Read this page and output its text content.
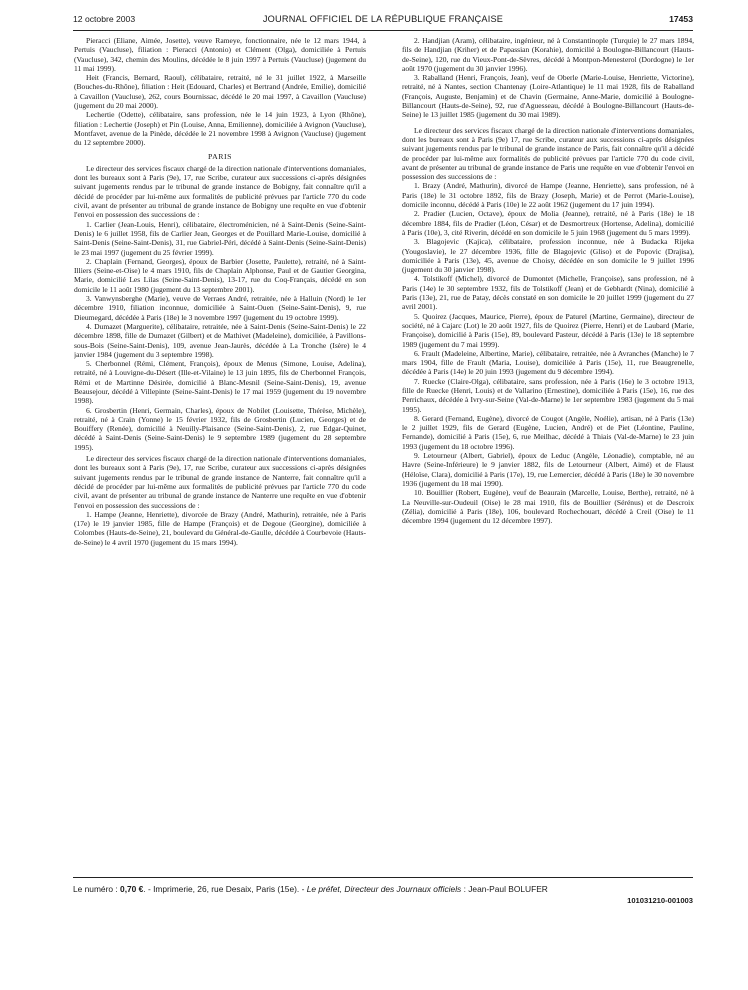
12 octobre 2003	JOURNAL OFFICIEL DE LA RÉPUBLIQUE FRANÇAISE	17453

Pieracci (Eliane, Aimée, Josette), veuve Rameye, fonctionnaire, née le 12 mars 1944, à Pertuis (Vaucluse), filiation : Pieracci (Antonio) et Clément (Olga), domiciliée à Pertuis (Vaucluse), 342, chemin des Moulins, décédée le 8 juin 1997 à Pertuis (Vaucluse) (jugement du 11 mai 1999).

Heit (Francis, Bernard, Raoul), célibataire, retraité, né le 31 juillet 1922, à Marseille (Bouches-du-Rhône), filiation : Heit (Edouard, Charles) et Bertrand (Andrée, Emilie), domicilié à Cavaillon (Vaucluse), 262, cours Bournissac, décédé le 20 mai 1997, à Cavaillon (Vaucluse) (jugement du 20 mai 2000).

Lechertie (Odette), célibataire, sans profession, née le 14 juin 1923, à Lyon (Rhône), filiation : Lechertie (Joseph) et Pin (Louise, Anna, Emilienne), domiciliée à Avignon (Vaucluse), Montfavet, avenue de la Pinède, décédée le 21 novembre 1998 à Avignon (Vaucluse) (jugement du 12 septembre 2000).

PARIS

Le directeur des services fiscaux chargé de la direction nationale d'interventions domaniales, dont les bureaux sont à Paris (9e), 17, rue Scribe, curateur aux successions ci-après désignées suivant jugements rendus par le tribunal de grande instance de Bobigny, fait connaître qu'il a décidé de procéder par lui-même aux formalités de publicité prévues par l'article 770 du code civil, avant de présenter au tribunal de grande instance de Bobigny une requête en vue d'obtenir l'envoi en possession des successions de :

1. Carlier (Jean-Louis, Henri), célibataire, électroménicien, né à Saint-Denis (Seine-Saint-Denis) le 6 juillet 1958, fils de Carlier Jean, Georges et de Pouillard Marie-Louise, domicilié à Saint-Denis (Seine-Saint-Denis), 31, rue Gabriel-Péri, décédé à Saint-Denis (Seine-Saint-Denis) le 23 mai 1997 (jugement du 25 février 1999).

2. Chaplain (Fernand, Georges), époux de Barbier (Josette, Paulette), retraité, né à Saint-Illiers (Seine-et-Oise) le 4 mars 1910, fils de Chaplain Alphonse, Paul et de Gautier Georgina, Marie, domicilié Les Lilas (Seine-Saint-Denis), 13-17, rue du Coq-Français, décédé en son domicile le 11 août 1980 (jugement du 13 septembre 2001).

3. Vanwynsberghe (Marie), veuve de Verraes André, retraitée, née à Halluin (Nord) le 1er décembre 1910, filiation inconnue, domiciliée à Saint-Ouen (Seine-Saint-Denis), 9, rue Dieumegard, décédée à Paris (18e) le 3 novembre 1997 (jugement du 19 octobre 1999).

4. Dumazet (Marguerite), célibataire, retraitée, née à Saint-Denis (Seine-Saint-Denis) le 22 décembre 1898, fille de Dumazet (Gilbert) et de Mathivet (Madeleine), domiciliée, à Pavillons-sous-Bois (Seine-Saint-Denis), 109, avenue Jean-Jaurès, décédée à La Tronche (Isère) le 4 janvier 1984 (jugement du 3 septembre 1998).

5. Cherbonnel (Rémi, Clément, François), époux de Menus (Simone, Louise, Adelina), retraité, né à Louvigne-du-Désert (Ille-et-Vilaine) le 13 juin 1895, fils de Cherbonnel François, Rémi et de Martinne Désirée, domicilié à Blanc-Mesnil (Seine-Saint-Denis), 19, avenue Beausejour, décédé à Villepinte (Seine-Saint-Denis) le 17 mai 1959 (jugement du 19 novembre 1998).

6. Grosbertin (Henri, Germain, Charles), époux de Nobilet (Louisette, Thérèse, Michèle), retraité, né à Crain (Yonne) le 15 février 1932, fils de Grosbertin (Lucien, Georges) et de Bouiffery (Renée), domicilié à Neuilly-Plaisance (Seine-Saint-Denis), 2, rue Edgar-Quinet, décédé à Saint-Denis (Seine-Saint-Denis) le 9 septembre 1989 (jugement du 28 septembre 1995).

Le directeur des services fiscaux chargé de la direction nationale d'interventions domaniales, dont les bureaux sont à Paris (9e), 17, rue Scribe, curateur aux successions ci-après désignées suivant jugements rendus par le tribunal de grande instance de Nanterre, fait connaître qu'il a décidé de procéder par lui-même aux formalités de publicité prévues par l'article 770 du code civil, avant de présenter au tribunal de grande instance de Nanterre une requête en vue d'obtenir l'envoi en possession des successions de :

1. Hampe (Jeanne, Henriette), divorcée de Brazy (André, Mathurin), retraitée, née à Paris (17e) le 19 janvier 1985, fille de Hampe (François) et de Degoue (Georgine), domiciliée à Colombes (Hauts-de-Seine), 21, boulevard du Général-de-Gaulle, décédée à Courbevoie (Hauts-de-Seine) le 4 avril 1970 (jugement du 15 mars 1994).

2. Handjian (Aram), célibataire, ingénieur, né à Constantinople (Turquie) le 27 mars 1894, fils de Handjian (Kriher) et de Papassian (Korahie), domicilié à Boulogne-Billancourt (Hauts-de-Seine), 120, rue du Vieux-Pont-de-Sèvres, décédé à Montpon-Menesterol (Dordogne) le 1er août 1970 (jugement du 30 janvier 1996).

3. Raballand (Henri, François, Jean), veuf de Oberle (Marie-Louise, Henriette, Victorine), retraité, né à Nantes, section Chantenay (Loire-Atlantique) le 11 mai 1928, fils de Raballand (François, Auguste, Benjamin) et de Chavin (Germaine, Anne-Marie, domicilié à Boulogne-Billancourt (Hauts-de-Seine), 92, rue d'Aguesseau, décédé à Boulogne-Billancourt (Hauts-de-Seine) le 13 juillet 1985 (jugement du 30 mai 1989).

Le directeur des services fiscaux chargé de la direction nationale d'interventions domaniales, dont les bureaux sont à Paris (9e) 17, rue Scribe, curateur aux successions ci-après désignées suivant jugements rendus par le tribunal de grande instance de Paris, fait connaître qu'il a décidé de procéder par lui-même aux formalités de publicité prévues par l'article 770 du code civil, avant de présenter au tribunal de grande instance de Paris une requête en vue d'obtenir l'envoi en possession des successions de :

1. Brazy (André, Mathurin), divorcé de Hampe (Jeanne, Henriette), sans profession, né à Paris (18e) le 31 octobre 1892, fils de Brazy (Joseph, Marie) et de Perrot (Marie-Louise), domicile inconnu, décédé à Paris (10e) le 22 août 1962 (jugement du 17 juin 1994).

2. Pradier (Lucien, Octave), époux de Molia (Jeanne), retraité, né à Paris (18e) le 18 décembre 1884, fils de Pradier (Léon, César) et de Desmortreux (Hortense, Adelina), domicilié à Paris (10e), 3, cité Riverin, décédé en son domicile le 5 juin 1968 (jugement du 5 mars 1999).

3. Blagojevic (Kajica), célibataire, profession inconnue, née à Budacka Rijeka (Yougoslavie), le 27 décembre 1936, fille de Blagojevic (Gliso) et de Popovic (Drajisa), domiciliée à Paris (13e), 45, avenue de Choisy, décédée en son domicile le 9 juillet 1996 (jugement du 30 janvier 1998).

4. Tolstikoff (Michel), divorcé de Dumontet (Michelle, Françoise), sans profession, né à Paris (14e) le 30 septembre 1932, fils de Tolstikoff (Jean) et de Gebhardt (Nina), domicilié à Paris (13e), 21, rue de Patay, décès constaté en son domicile le 20 juillet 1999 (jugement du 27 avril 2001).

5. Quoirez (Jacques, Maurice, Pierre), époux de Paturel (Martine, Germaine), directeur de société, né à Cajarc (Lot) le 20 août 1927, fils de Quoirez (Pierre, Henri) et de Laubard (Marie, Françoise), domicilié à Paris (15e), 89, boulevard Pasteur, décédé à Paris (13e) le 18 septembre 1989 (jugement du 7 mai 1999).

6. Frault (Madeleine, Albertine, Marie), célibataire, retraitée, née à Avranches (Manche) le 7 mars 1904, fille de Frault (Maria, Louise), domiciliée à Paris (15e), 11, rue Beaugrenelle, décédée à Paris (14e) le 20 juin 1993 (jugement du 9 décembre 1994).

7. Ruecke (Claire-Olga), célibataire, sans profession, née à Paris (16e) le 3 octobre 1913, fille de Ruecke (Henri, Louis) et de Vallarino (Ernestine), domiciliée à Paris (15e), 16, rue des Perrichaux, décédée à Ivry-sur-Seine (Val-de-Marne) le 1er septembre 1983 (jugement du 5 mai 1995).

8. Gerard (Fernand, Eugène), divorcé de Cougot (Angèle, Noélie), artisan, né à Paris (13e) le 2 juillet 1929, fils de Gerard (Eugène, Lucien, André) et de Piet (Léontine, Pauline, Fernande), domicilié à Paris (15e), 6, rue Meilhac, décédé à Thiais (Val-de-Marne) le 23 juin 1993 (jugement du 18 octobre 1996).

9. Letourneur (Albert, Gabriel), époux de Leduc (Angèle, Léonadie), comptable, né au Havre (Seine-Inférieure) le 9 janvier 1882, fils de Letourneur (Albert, Aimé) et de Flaust (Héloïse, Clara), domicilié à Paris (17e), 19, rue Lemercier, décédé à Paris (18e) le 30 novembre 1936 (jugement du 18 mai 1990).

10. Bouillier (Robert, Eugène), veuf de Beaurain (Marcelle, Louise, Berthe), retraité, né à La Neuville-sur-Oudeuil (Oise) le 28 mai 1910, fils de Bouillier (Sérénus) et de Descroix (Zélia), domicilié à Paris (18e), 106, boulevard Rochechouart, décédé à Creil (Oise) le 11 décembre 1994 (jugement du 12 décembre 1997).

Le numéro : 0,70 €. - Imprimerie, 26, rue Desaix, Paris (15e). - Le préfet, Directeur des Journaux officiels : Jean-Paul BOLUFER
101031210-001003
